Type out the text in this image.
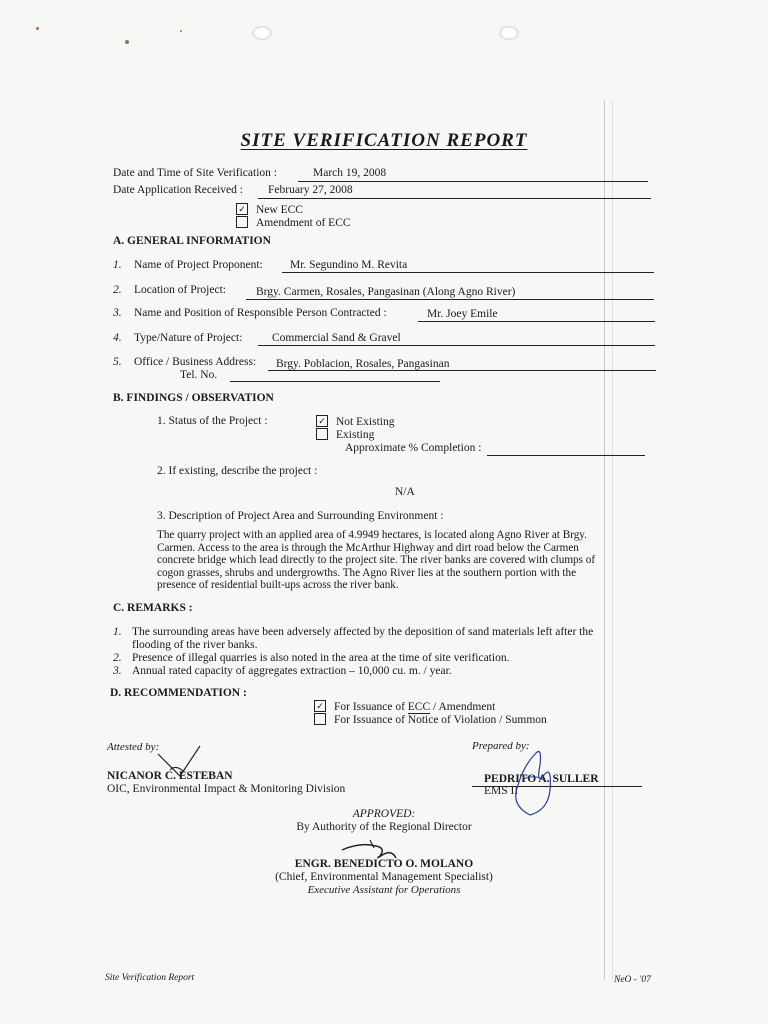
SITE VERIFICATION REPORT
Date and Time of Site Verification :	March 19, 2008
Date Application Received : February 27, 2008
✓ New ECC
Amendment of ECC
A. GENERAL INFORMATION
1. Name of Project Proponent: Mr. Segundino M. Revita
2. Location of Project:	Brgy. Carmen, Rosales, Pangasinan (Along Agno River)
3. Name and Position of Responsible Person Contracted :	Mr. Joey Emile
4. Type/Nature of Project:	Commercial Sand & Gravel
5. Office / Business Address: Brgy. Poblacion, Rosales, Pangasinan
Tel. No.
B. FINDINGS / OBSERVATION
1. Status of the Project :	✓ Not Existing
Existing
Approximate % Completion :
2. If existing, describe the project :
N/A
3. Description of Project Area and Surrounding Environment :
The quarry project with an applied area of 4.9949 hectares, is located along Agno River at Brgy.
Carmen. Access to the area is through the McArthur Highway and dirt road below the Carmen
concrete bridge which lead directly to the project site. The river banks are covered with clumps of
cogon grasses, shrubs and undergrowths. The Agno River lies at the southern portion with the
presence of residential built-ups across the river bank.
C. REMARKS :
1. The surrounding areas have been adversely affected by the deposition of sand materials left after the
flooding of the river banks.
2. Presence of illegal quarries is also noted in the area at the time of site verification.
3. Annual rated capacity of aggregates extraction – 10,000 cu. m. / year.
D. RECOMMENDATION :
✓ For Issuance of ECC / Amendment
For Issuance of Notice of Violation / Summon
Attested by:
NICANOR C. ESTEBAN
OIC, Environmental Impact & Monitoring Division
Prepared by:
PEDRITO A. SULLER
EMS II
APPROVED:
By Authority of the Regional Director
ENGR. BENEDICTO O. MOLANO
(Chief, Environmental Management Specialist)
Executive Assistant for Operations
Site Verification Report	NeO - '07
